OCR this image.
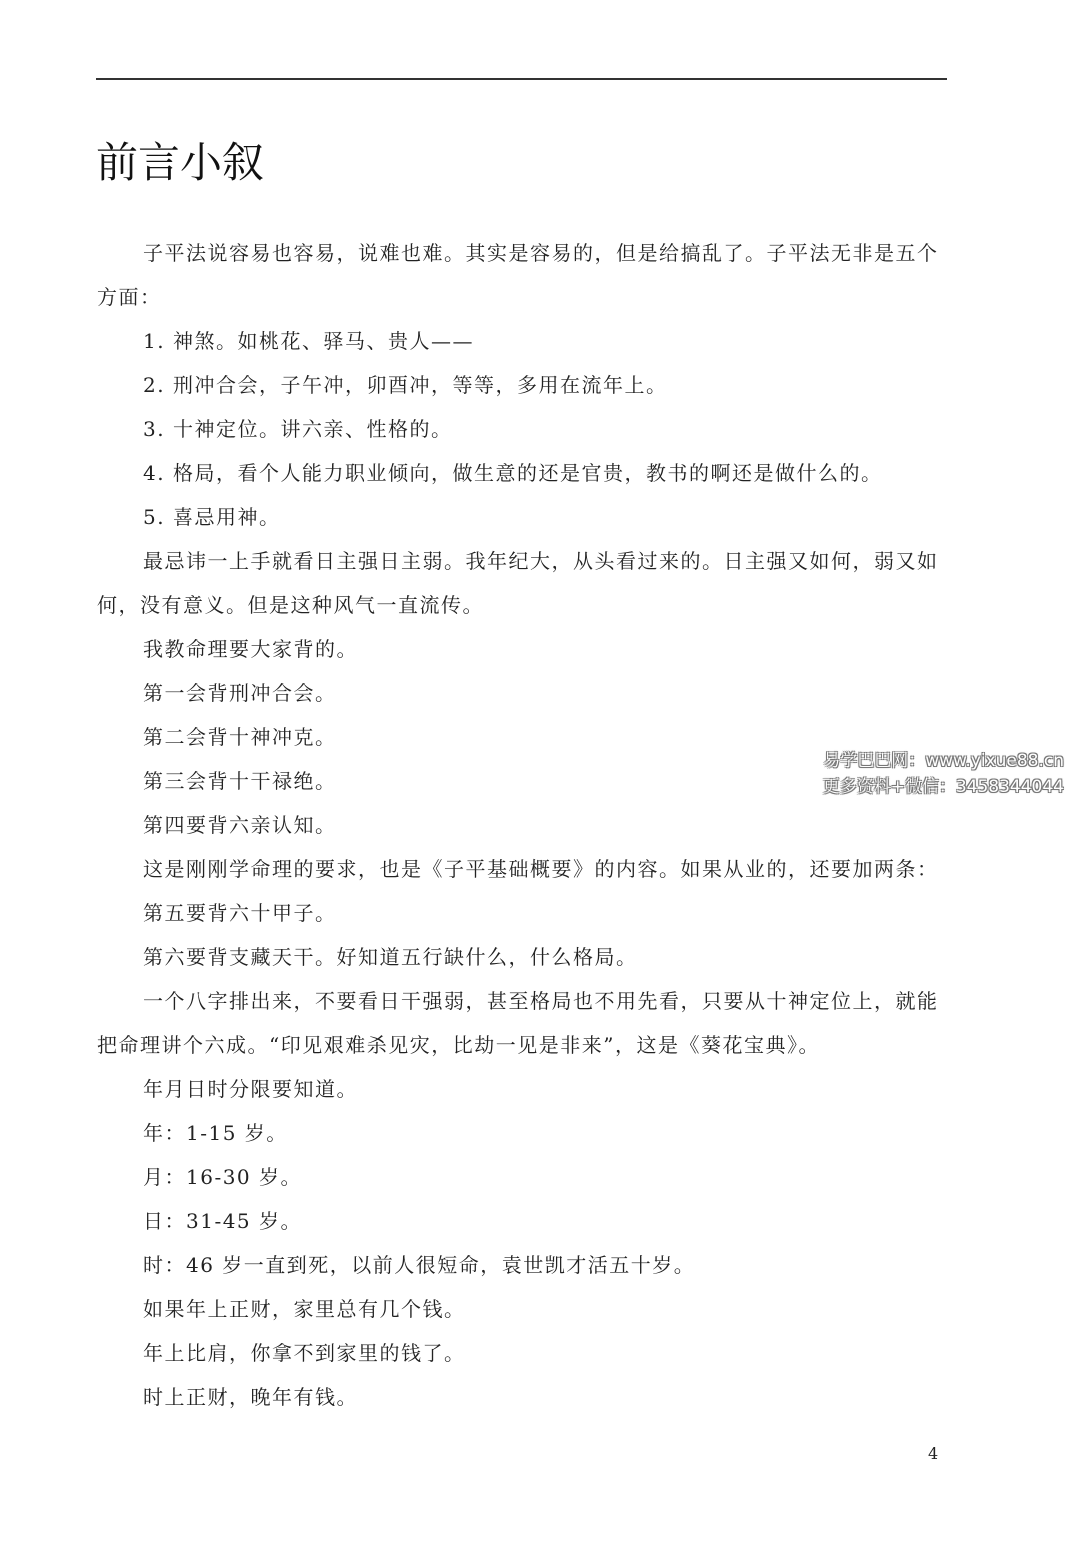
前言小叙

子平法说容易也容易，说难也难。其实是容易的，但是给搞乱了。子平法无非是五个方面：

1. 神煞。如桃花、驿马、贵人——

2. 刑冲合会，子午冲，卯酉冲，等等，多用在流年上。

3. 十神定位。讲六亲、性格的。

4. 格局，看个人能力职业倾向，做生意的还是官贵，教书的啊还是做什么的。

5. 喜忌用神。

最忌讳一上手就看日主强日主弱。我年纪大，从头看过来的。日主强又如何，弱又如何，没有意义。但是这种风气一直流传。

我教命理要大家背的。

第一会背刑冲合会。

第二会背十神冲克。

第三会背十干禄绝。

第四要背六亲认知。

这是刚刚学命理的要求，也是《子平基础概要》的内容。如果从业的，还要加两条：

第五要背六十甲子。

第六要背支藏天干。好知道五行缺什么，什么格局。

一个八字排出来，不要看日干强弱，甚至格局也不用先看，只要从十神定位上，就能把命理讲个六成。“印见艰难杀见灾，比劫一见是非来”，这是《葵花宝典》。

年月日时分限要知道。

年：1-15 岁。

月：16-30 岁。

日：31-45 岁。

时：46 岁一直到死，以前人很短命，袁世凯才活五十岁。

如果年上正财，家里总有几个钱。

年上比肩，你拿不到家里的钱了。

时上正财，晚年有钱。

易学巴巴网：www.yixue88.cn
更多资料+微信：3458344044
4
